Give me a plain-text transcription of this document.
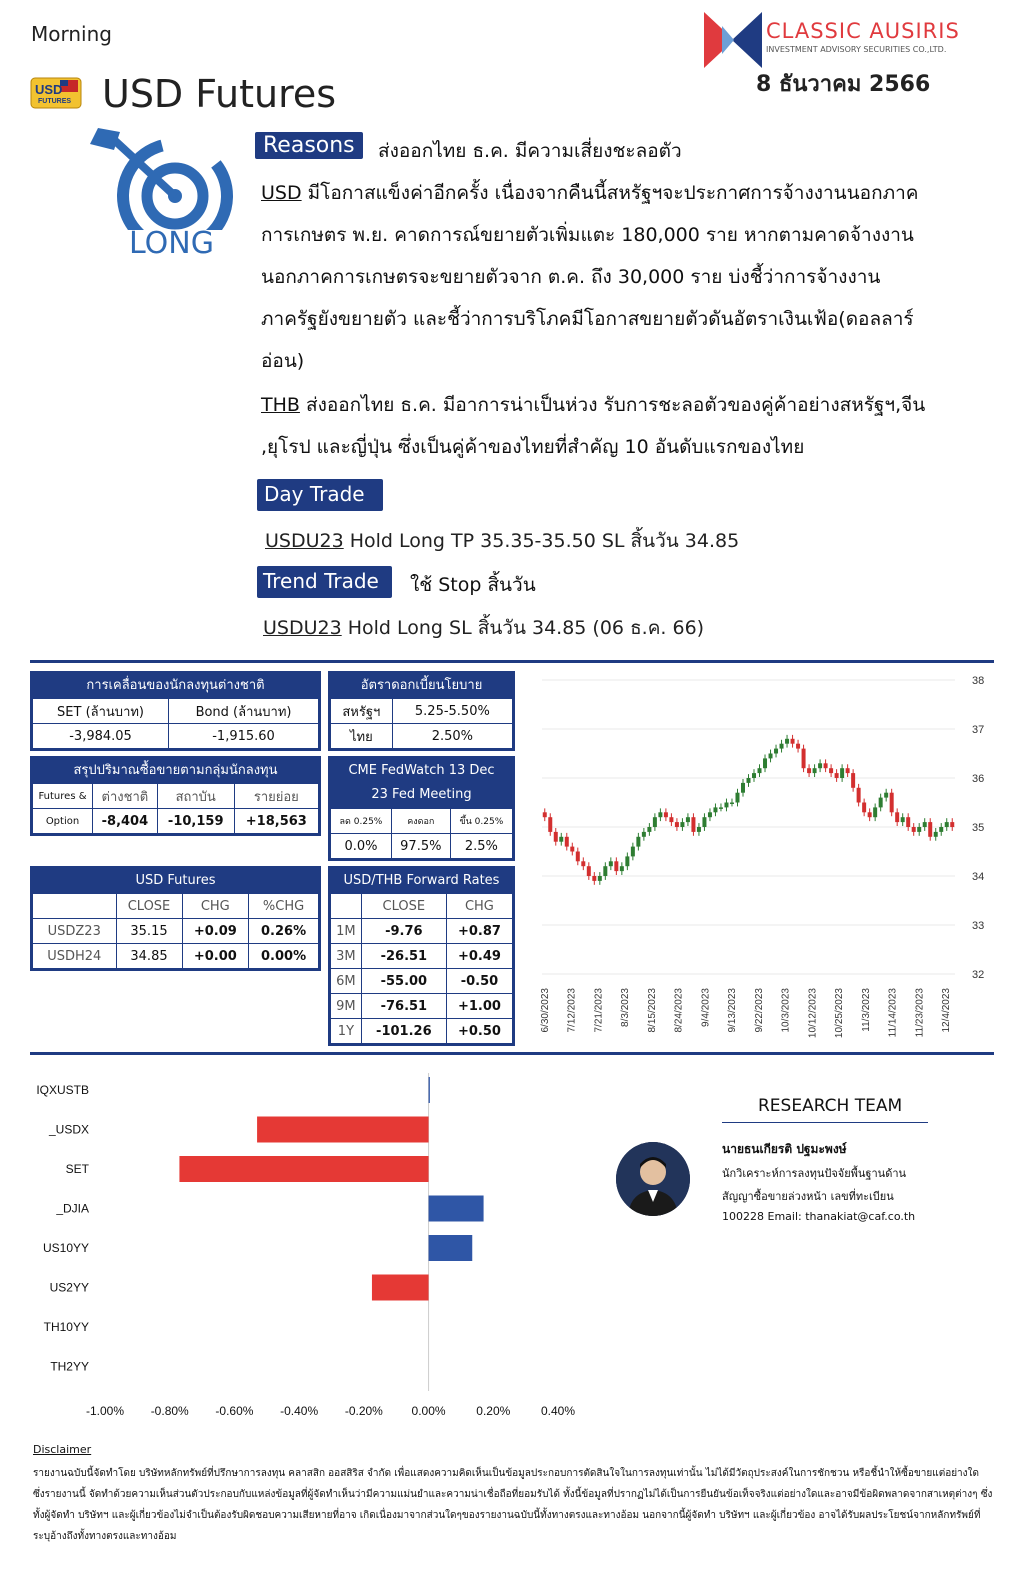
Morning
USD
FUTURES USD Futures
CLASSIC AUSIRIS
INVESTMENT ADVISORY SECURITIES CO.,LTD.
8 ธันวาคม 2566
LONG
Reasons	ส่งออกไทย ธ.ค. มีความเสี่ยงชะลอตัว
USD มีโอกาสแข็งค่าอีกครั้ง เนื่องจากคืนนี้สหรัฐฯจะประกาศการจ้างงานนอกภาค
การเกษตร พ.ย. คาดการณ์ขยายตัวเพิ่มแตะ 180,000 ราย หากตามคาดจ้างงาน
นอกภาคการเกษตรจะขยายตัวจาก ต.ค. ถึง 30,000 ราย บ่งชี้ว่าการจ้างงาน
ภาครัฐยังขยายตัว และชี้ว่าการบริโภคมีโอกาสขยายตัวดันอัตราเงินเฟ้อ(ดอลลาร์
อ่อน)
THB ส่งออกไทย ธ.ค. มีอาการน่าเป็นห่วง รับการชะลอตัวของคู่ค้าอย่างสหรัฐฯ,จีน
,ยุโรป และญี่ปุ่น ซึ่งเป็นคู่ค้าของไทยที่สำคัญ 10 อันดับแรกของไทย
Day Trade
USDU23 Hold Long TP 35.35-35.50 SL สิ้นวัน 34.85
Trend Trade	ใช้ Stop สิ้นวัน
USDU23 Hold Long SL สิ้นวัน 34.85 (06 ธ.ค. 66)
การเคลื่อนของนักลงทุนต่างชาติ
SET (ล้านบาท)	Bond (ล้านบาท)
-3,984.05	-1,915.60
สรุปปริมาณซื้อขายตามกลุ่มนักลงทุน
Futures &	ต่างชาติ	สถาบัน	รายย่อย
Option	-8,404	-10,159	+18,563
อัตราดอกเบี้ยนโยบาย
สหรัฐฯ	5.25-5.50%
ไทย	2.50%
CME FedWatch 13 Dec
23 Fed Meeting
ลด 0.25%	คงดอก	ขึ้น 0.25%
0.0%	97.5%	2.5%
USD Futures
	CLOSE	CHG	%CHG
USDZ23	35.15	+0.09	0.26%
USDH24	34.85	+0.00	0.00%
USD/THB Forward Rates
	CLOSE	CHG
1M	-9.76	+0.87
3M	-26.51	+0.49
6M	-55.00	-0.50
9M	-76.51	+1.00
1Y	-101.26	+0.50
32
33
34
35
36
37
38
6/30/2023 7/12/2023 7/21/2023 8/3/2023 8/15/2023 8/24/2023 9/4/2023 9/13/2023 9/22/2023 10/3/2023 10/12/2023 10/25/2023 11/3/2023 11/14/2023 11/23/2023 12/4/2023
IQXUSTB
_USDX
SET
_DJIA
US10YY
US2YY
TH10YY
TH2YY
-1.00% -0.80% -0.60% -0.40% -0.20% 0.00%	0.20%	0.40%
RESEARCH TEAM
นายธนเกียรติ ปฐมะพงษ์
นักวิเคราะห์การลงทุนปัจจัยพื้นฐานด้าน
สัญญาซื้อขายล่วงหน้า เลขที่ทะเบียน
100228 Email: thanakiat@caf.co.th
Disclaimer
รายงานฉบับนี้จัดทำโดย บริษัทหลักทรัพย์ที่ปรึกษาการลงทุน คลาสสิก ออสสิริส จำกัด เพื่อแสดงความคิดเห็นเป็นข้อมูลประกอบการตัดสินใจในการลงทุนเท่านั้น ไม่ได้มีวัตถุประสงค์ในการชักชวน หรือชี้นำให้ซื้อขายแต่อย่างใด ซึ่งรายงานนี้ จัดทำด้วยความเห็นส่วนตัวประกอบกับแหล่งข้อมูลที่ผู้จัดทำเห็นว่ามีความแม่นยำและความน่าเชื่อถือที่ยอมรับได้ ทั้งนี้ข้อมูลที่ปรากฏไม่ได้เป็นการยืนยันข้อเท็จจริงแต่อย่างใดและอาจมีข้อผิดพลาดจากสาเหตุต่างๆ ซึ่งทั้งผู้จัดทำ บริษัทฯ และผู้เกี่ยวข้องไม่จำเป็นต้องรับผิดชอบความเสียหายที่อาจ เกิดเนื่องมาจากส่วนใดๆของรายงานฉบับนี้ทั้งทางตรงและทางอ้อม นอกจากนี้ผู้จัดทำ บริษัทฯ และผู้เกี่ยวข้อง อาจได้รับผลประโยชน์จากหลักทรัพย์ที่ระบุอ้างถึงทั้งทางตรงและทางอ้อม
